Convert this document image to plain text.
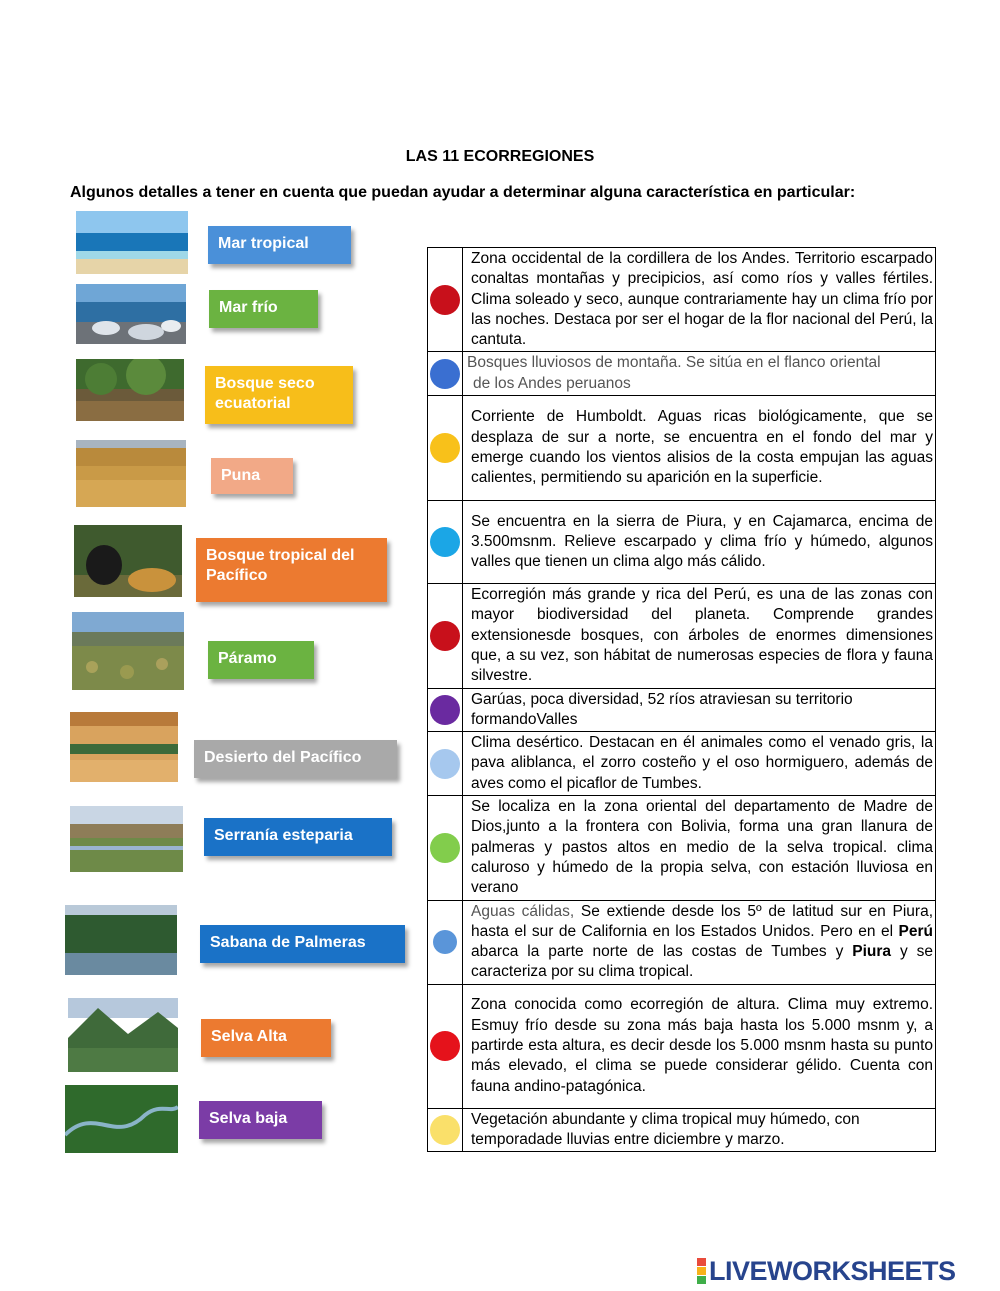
LAS 11 ECORREGIONES
Algunos detalles a tener en cuenta que puedan ayudar a determinar alguna característica en particular:
Mar tropical
Mar frío
Bosque seco ecuatorial
Puna
Bosque tropical del Pacífico
Páramo
Desierto del Pacífico
Serranía esteparia
Sabana de Palmeras
Selva Alta
Selva baja
	Zona occidental de la cordillera de los Andes. Territorio escarpado conaltas montañas y precipicios, así como ríos y valles fértiles. Clima soleado y seco, aunque contrariamente hay un clima frío por las noches. Destaca por ser el hogar de la flor nacional del Perú, la cantuta.

	Bosques lluviosos de montaña. Se sitúa en el flanco oriental
de los Andes peruanos

	Corriente de Humboldt. Aguas ricas biológicamente, que se desplaza de sur a norte, se encuentra en el fondo del mar y emerge cuando los vientos alisios de la costa empujan las aguas calientes, permitiendo su aparición en la superficie.
	Se encuentra en la sierra de Piura, y en Cajamarca, encima de 3.500msnm. Relieve escarpado y clima frío y húmedo, algunos valles que tienen un clima algo más cálido.
	Ecorregión más grande y rica del Perú, es una de las zonas con mayor biodiversidad del planeta. Comprende grandes extensionesde bosques, con árboles de enormes dimensiones que, a su vez, son hábitat de numerosas especies de flora y fauna silvestre.
	Garúas, poca diversidad, 52 ríos atraviesan su territorio formandoValles
	Clima desértico. Destacan en él animales como el venado gris, la pava aliblanca, el zorro costeño y el oso hormiguero, además de aves como el picaflor de Tumbes.
	Se localiza en la zona oriental del departamento de Madre de Dios,junto a la frontera con Bolivia, forma una gran llanura de palmeras y pastos altos en medio de la selva tropical. clima caluroso y húmedo de la propia selva, con estación lluviosa en verano
	Aguas cálidas, Se extiende desde los 5º de latitud sur en Piura, hasta el sur de California en los Estados Unidos. Pero en el Perú abarca la parte norte de las costas de Tumbes y Piura y se caracteriza por su clima tropical.
	Zona conocida como ecorregión de altura. Clima muy extremo. Esmuy frío desde su zona más baja hasta los 5.000 msnm y, a partirde esta altura, es decir desde los 5.000 msnm hasta su punto más elevado, el clima se puede considerar gélido. Cuenta con fauna andino-patagónica.
	Vegetación abundante y clima tropical muy húmedo, con temporadade lluvias entre diciembre y marzo.
LIVEWORKSHEETS
